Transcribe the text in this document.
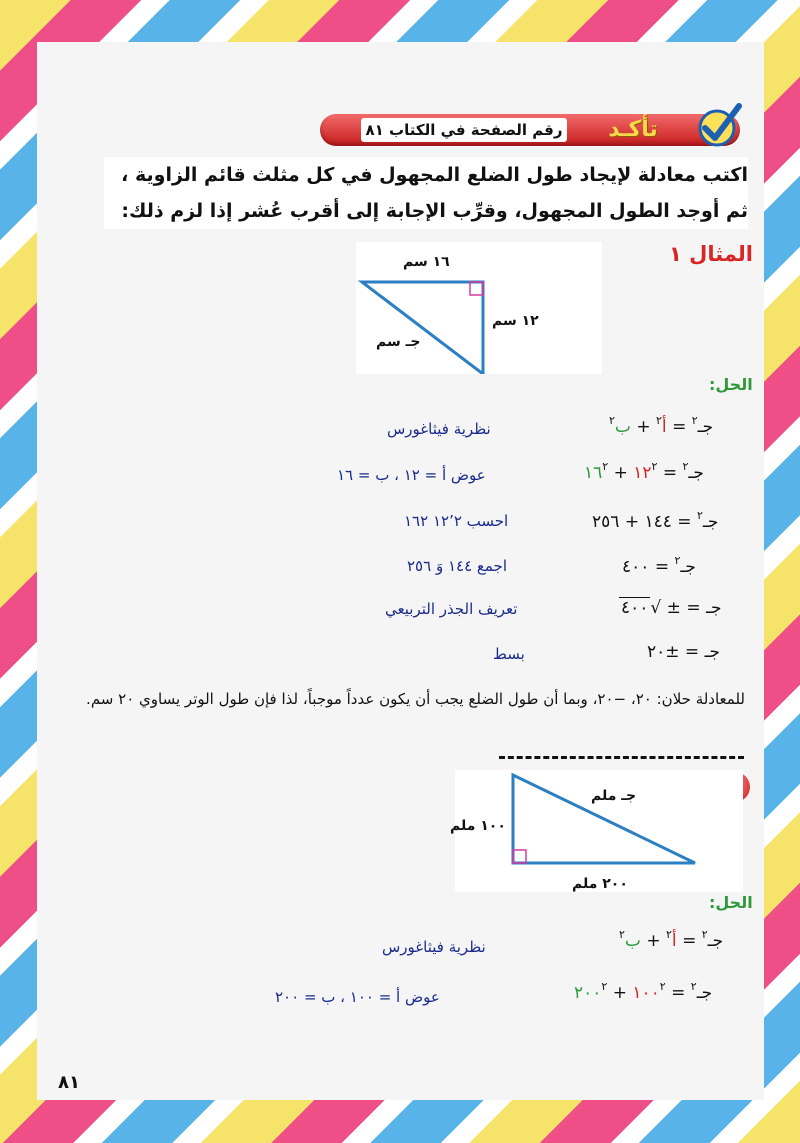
رقم الصفحة في الكتاب ٨١	تأكـد
اكتب معادلة لإيجاد طول الضلع المجهول في كل مثلث قائم الزاوية ، ثم أوجد الطول المجهول، وقرِّب الإجابة إلى أقرب عُشر إذا لزم ذلك:
المثال ١
١٦ سم
١٢ سم
جـ سم
الحل:
جـ$^٢$ = أ$^٢$ + ب$^٢$
نظرية فيثاغورس
جـ$^٢$ = $١٢^٢$ + $١٦^٢$
عوض أ = ١٢ ، ب = ١٦
جـ$^٢$ = ١٤٤ + ٢٥٦
احسب ١٢٬٢ ١٦٢
جـ$^٢$ = ٤٠٠
اجمع ١٤٤ وَ ٢٥٦
جـ = ± √٤٠٠
تعريف الجذر التربيعي
جـ = ±٢٠
بسط
للمعادلة حلان: ٢٠، −٢٠، وبما أن طول الضلع يجب أن يكون عدداً موجباً، لذا فإن طول الوتر يساوي ٢٠ سم.
جـ ملم
١٠٠ ملم
٢٠٠ ملم
الحل:
جـ$^٢$ = أ$^٢$ + ب$^٢$
نظرية فيثاغورس
جـ$^٢$ = $١٠٠^٢$ + $٢٠٠^٢$
عوض أ = ١٠٠ ، ب = ٢٠٠
٨١
